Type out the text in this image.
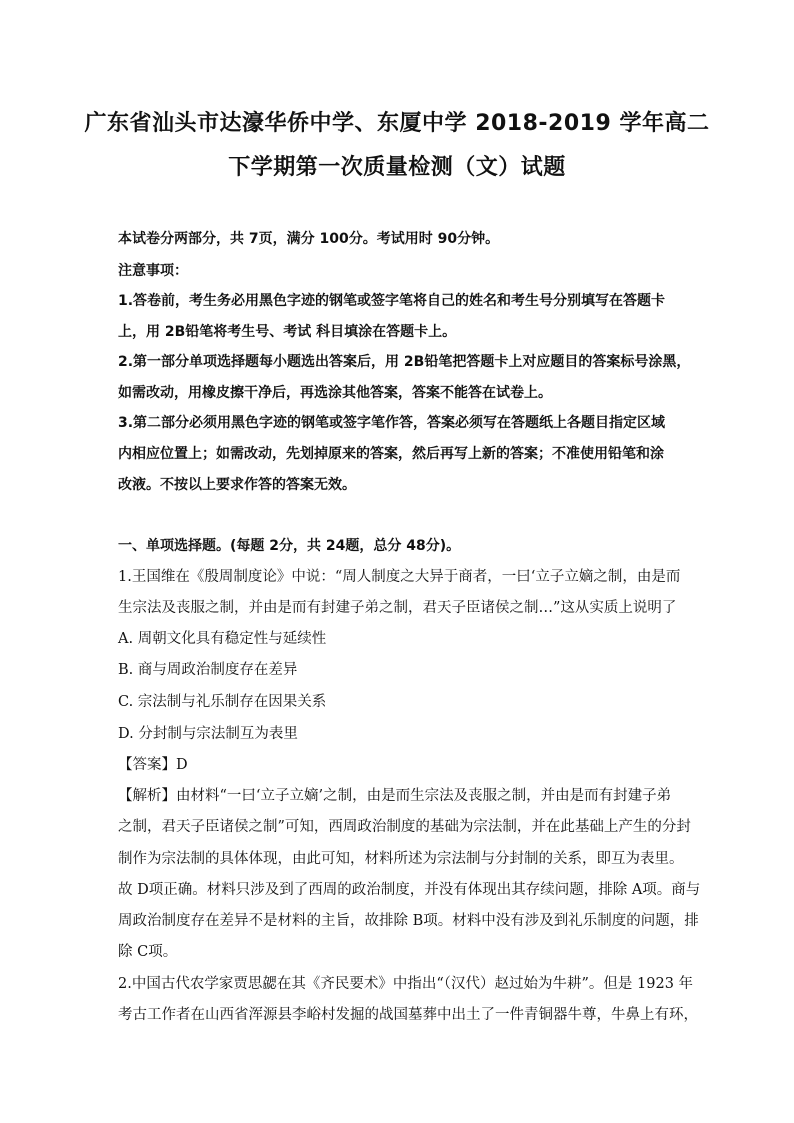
广东省汕头市达濠华侨中学、东厦中学 2018-2019 学年高二
下学期第一次质量检测（文）试题
本试卷分两部分，共 7页，满分 100分。考试用时 90分钟。
注意事项：
1.答卷前，考生务必用黑色字迹的钢笔或签字笔将自己的姓名和考生号分别填写在答题卡
上，用 2B铅笔将考生号、考试 科目填涂在答题卡上。
2.第一部分单项选择题每小题选出答案后，用 2B铅笔把答题卡上对应题目的答案标号涂黑，
如需改动，用橡皮擦干净后，再选涂其他答案，答案不能答在试卷上。
3.第二部分必须用黑色字迹的钢笔或签字笔作答，答案必须写在答题纸上各题目指定区域
内相应位置上；如需改动，先划掉原来的答案，然后再写上新的答案；不准使用铅笔和涂
改液。不按以上要求作答的答案无效。
一、单项选择题。(每题 2分，共 24题，总分 48分)。
1.王国维在《殷周制度论》中说：“周人制度之大异于商者，一曰‘立子立嫡之制，由是而
生宗法及丧服之制，并由是而有封建子弟之制，君天子臣诸侯之制…”这从实质上说明了
A. 周朝文化具有稳定性与延续性
B. 商与周政治制度存在差异
C. 宗法制与礼乐制存在因果关系
D. 分封制与宗法制互为表里
【答案】D
【解析】由材料“一曰‘立子立嫡’之制，由是而生宗法及丧服之制，并由是而有封建子弟
之制，君天子臣诸侯之制”可知，西周政治制度的基础为宗法制，并在此基础上产生的分封
制作为宗法制的具体体现，由此可知，材料所述为宗法制与分封制的关系，即互为表里。
故 D项正确。材料只涉及到了西周的政治制度，并没有体现出其存续问题，排除 A项。商与
周政治制度存在差异不是材料的主旨，故排除 B项。材料中没有涉及到礼乐制度的问题，排
除 C项。
2.中国古代农学家贾思勰在其《齐民要术》中指出“（汉代）赵过始为牛耕”。但是 1923 年
考古工作者在山西省浑源县李峪村发掘的战国墓葬中出土了一件青铜器牛尊，牛鼻上有环，
